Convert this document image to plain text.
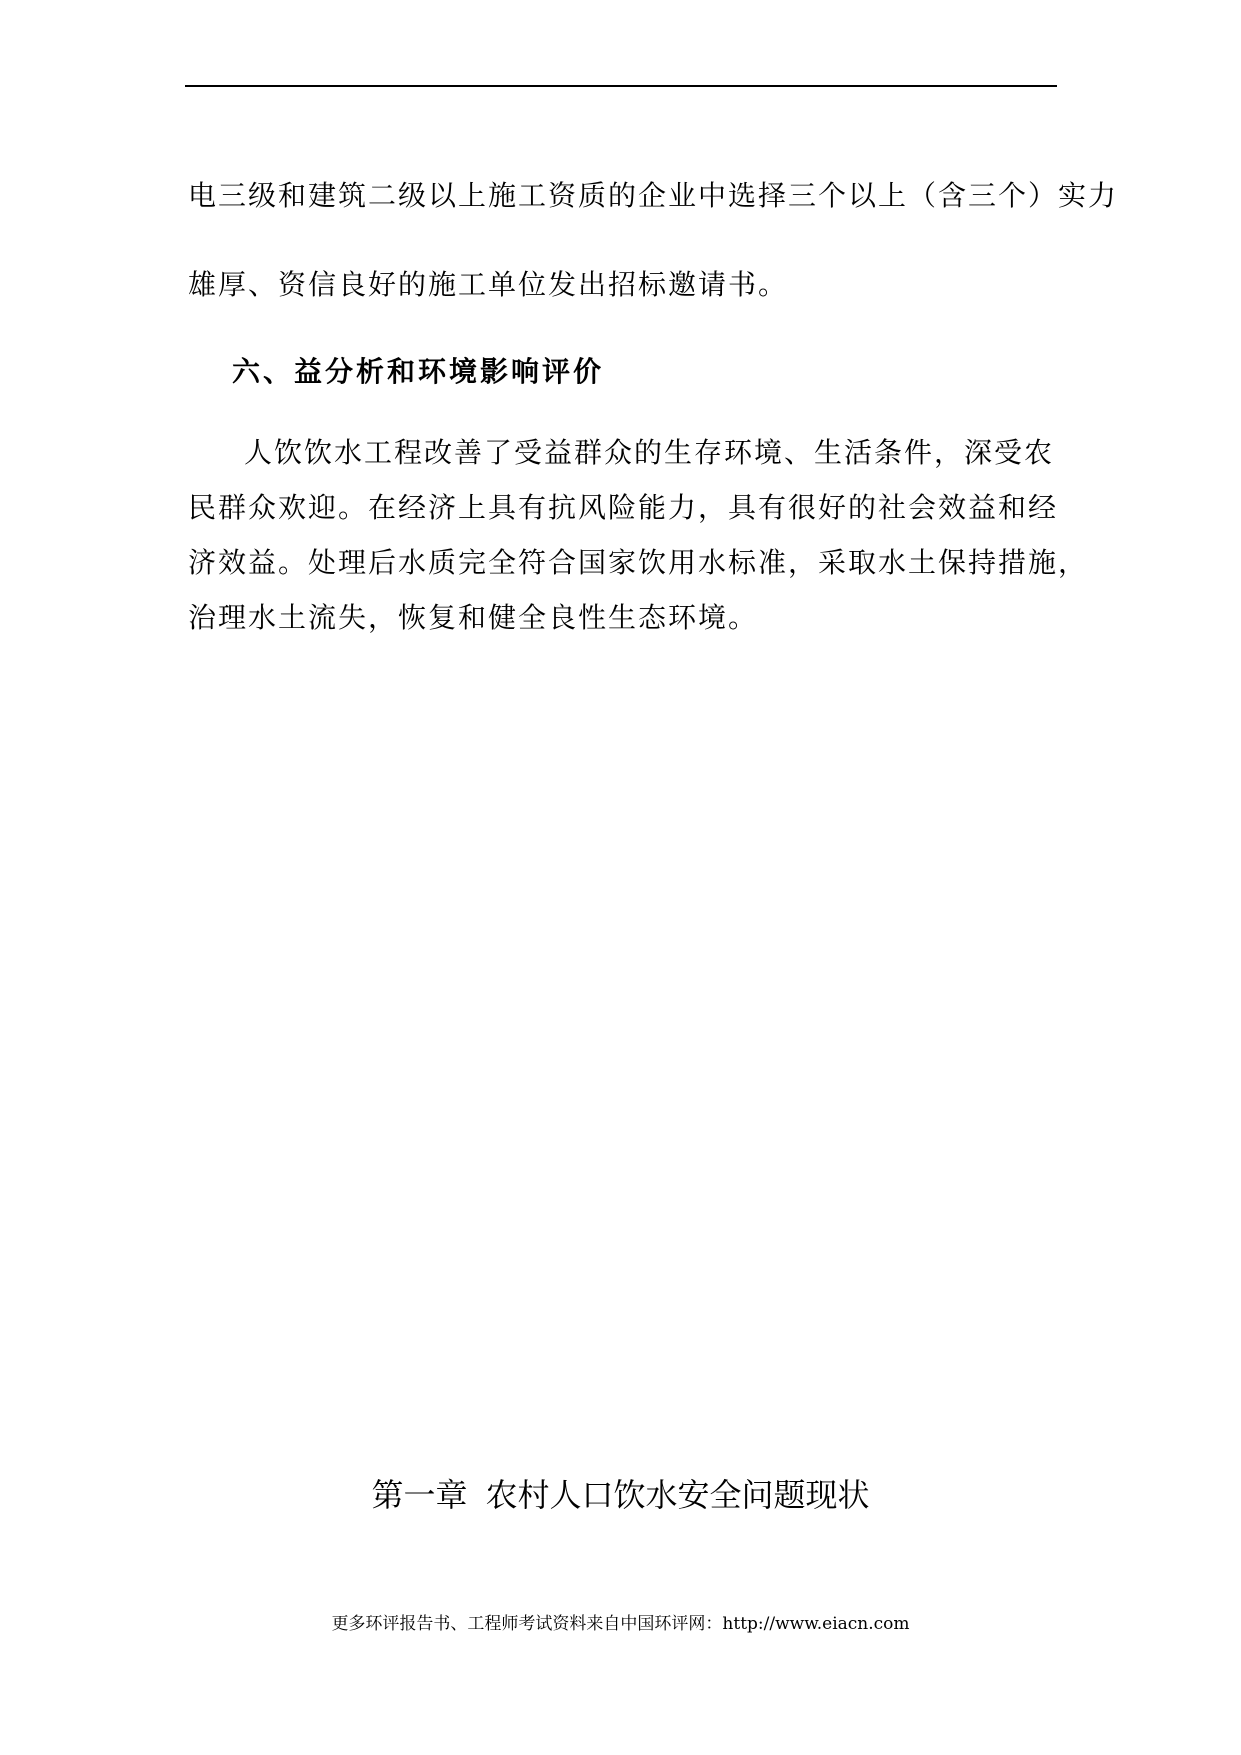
电三级和建筑二级以上施工资质的企业中选择三个以上（含三个）实力
雄厚、资信良好的施工单位发出招标邀请书。
六、益分析和环境影响评价
人饮饮水工程改善了受益群众的生存环境、生活条件，深受农
民群众欢迎。在经济上具有抗风险能力，具有很好的社会效益和经
济效益。处理后水质完全符合国家饮用水标准，采取水土保持措施，
治理水土流失，恢复和健全良性生态环境。
第一章 农村人口饮水安全问题现状
更多环评报告书、工程师考试资料来自中国环评网：http://www.eiacn.com
